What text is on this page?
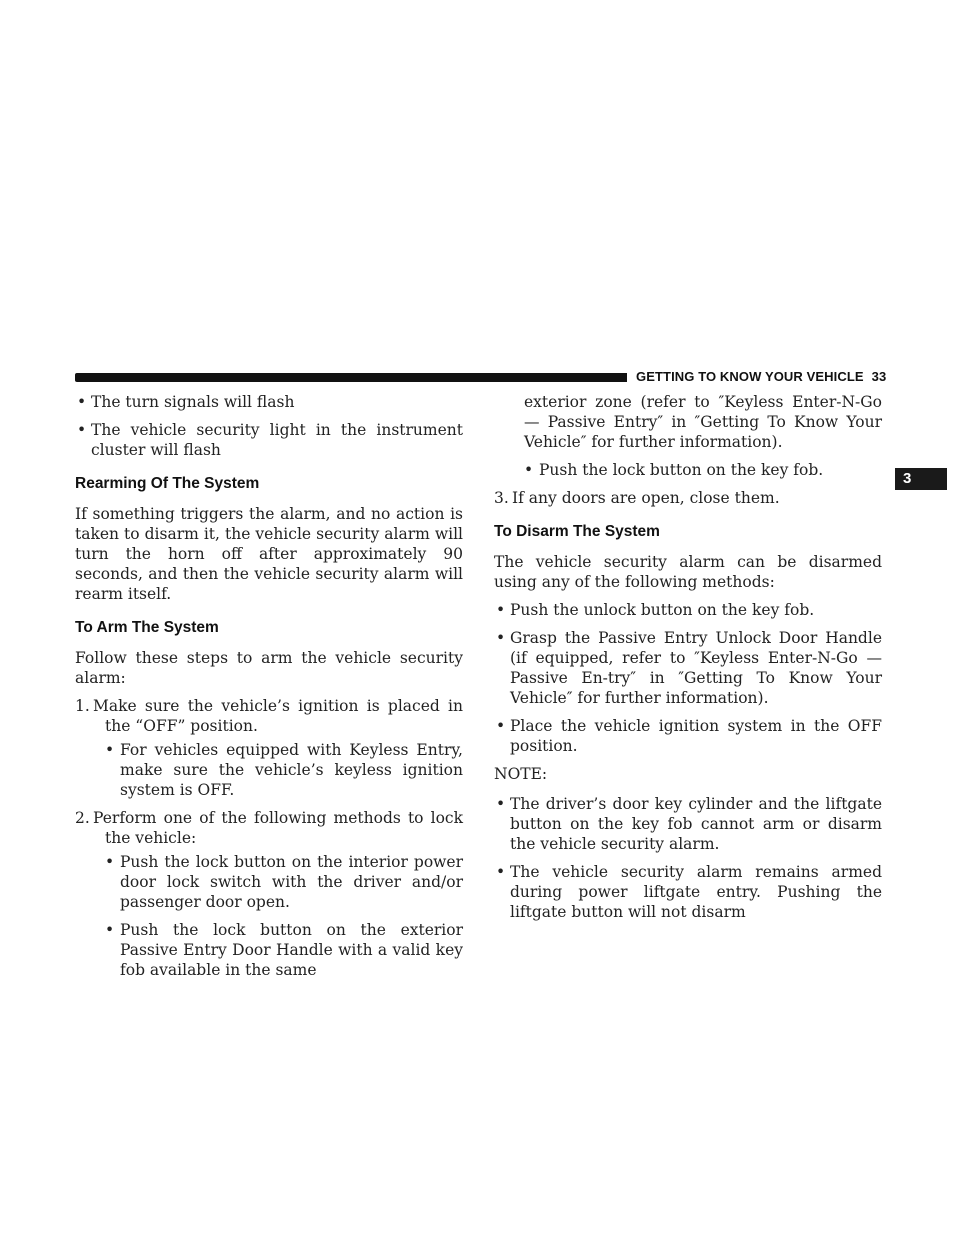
GETTING TO KNOW YOUR VEHICLE 33
3
• The turn signals will flash
• The vehicle security light in the instrument cluster will flash
Rearming Of The System

If something triggers the alarm, and no action is taken to disarm it, the vehicle security alarm will turn the horn off after approximately 90 seconds, and then the vehicle security alarm will rearm itself.

To Arm The System

Follow these steps to arm the vehicle security alarm:

1. Make sure the vehicle’s ignition is placed in the “OFF” position.
• For vehicles equipped with Keyless Entry, make sure the vehicle’s keyless ignition system is OFF.
2. Perform one of the following methods to lock the vehicle:
• Push the lock button on the interior power door lock switch with the driver and/or passenger door open.
• Push the lock button on the exterior Passive Entry Door Handle with a valid key fob available in the same

exterior zone (refer to ″Keyless Enter-N-Go — Passive Entry″ in ″Getting To Know Your Vehicle″ for further information).

• Push the lock button on the key fob.
3. If any doors are open, close them.
To Disarm The System

The vehicle security alarm can be disarmed using any of the following methods:

• Push the unlock button on the key fob.
• Grasp the Passive Entry Unlock Door Handle (if equipped, refer to ″Keyless Enter-N-Go — Passive En-try″ in ″Getting To Know Your Vehicle″ for further information).
• Place the vehicle ignition system in the OFF position.

NOTE:

• The driver’s door key cylinder and the liftgate button on the key fob cannot arm or disarm the vehicle security alarm.
• The vehicle security alarm remains armed during power liftgate entry. Pushing the liftgate button will not disarm
